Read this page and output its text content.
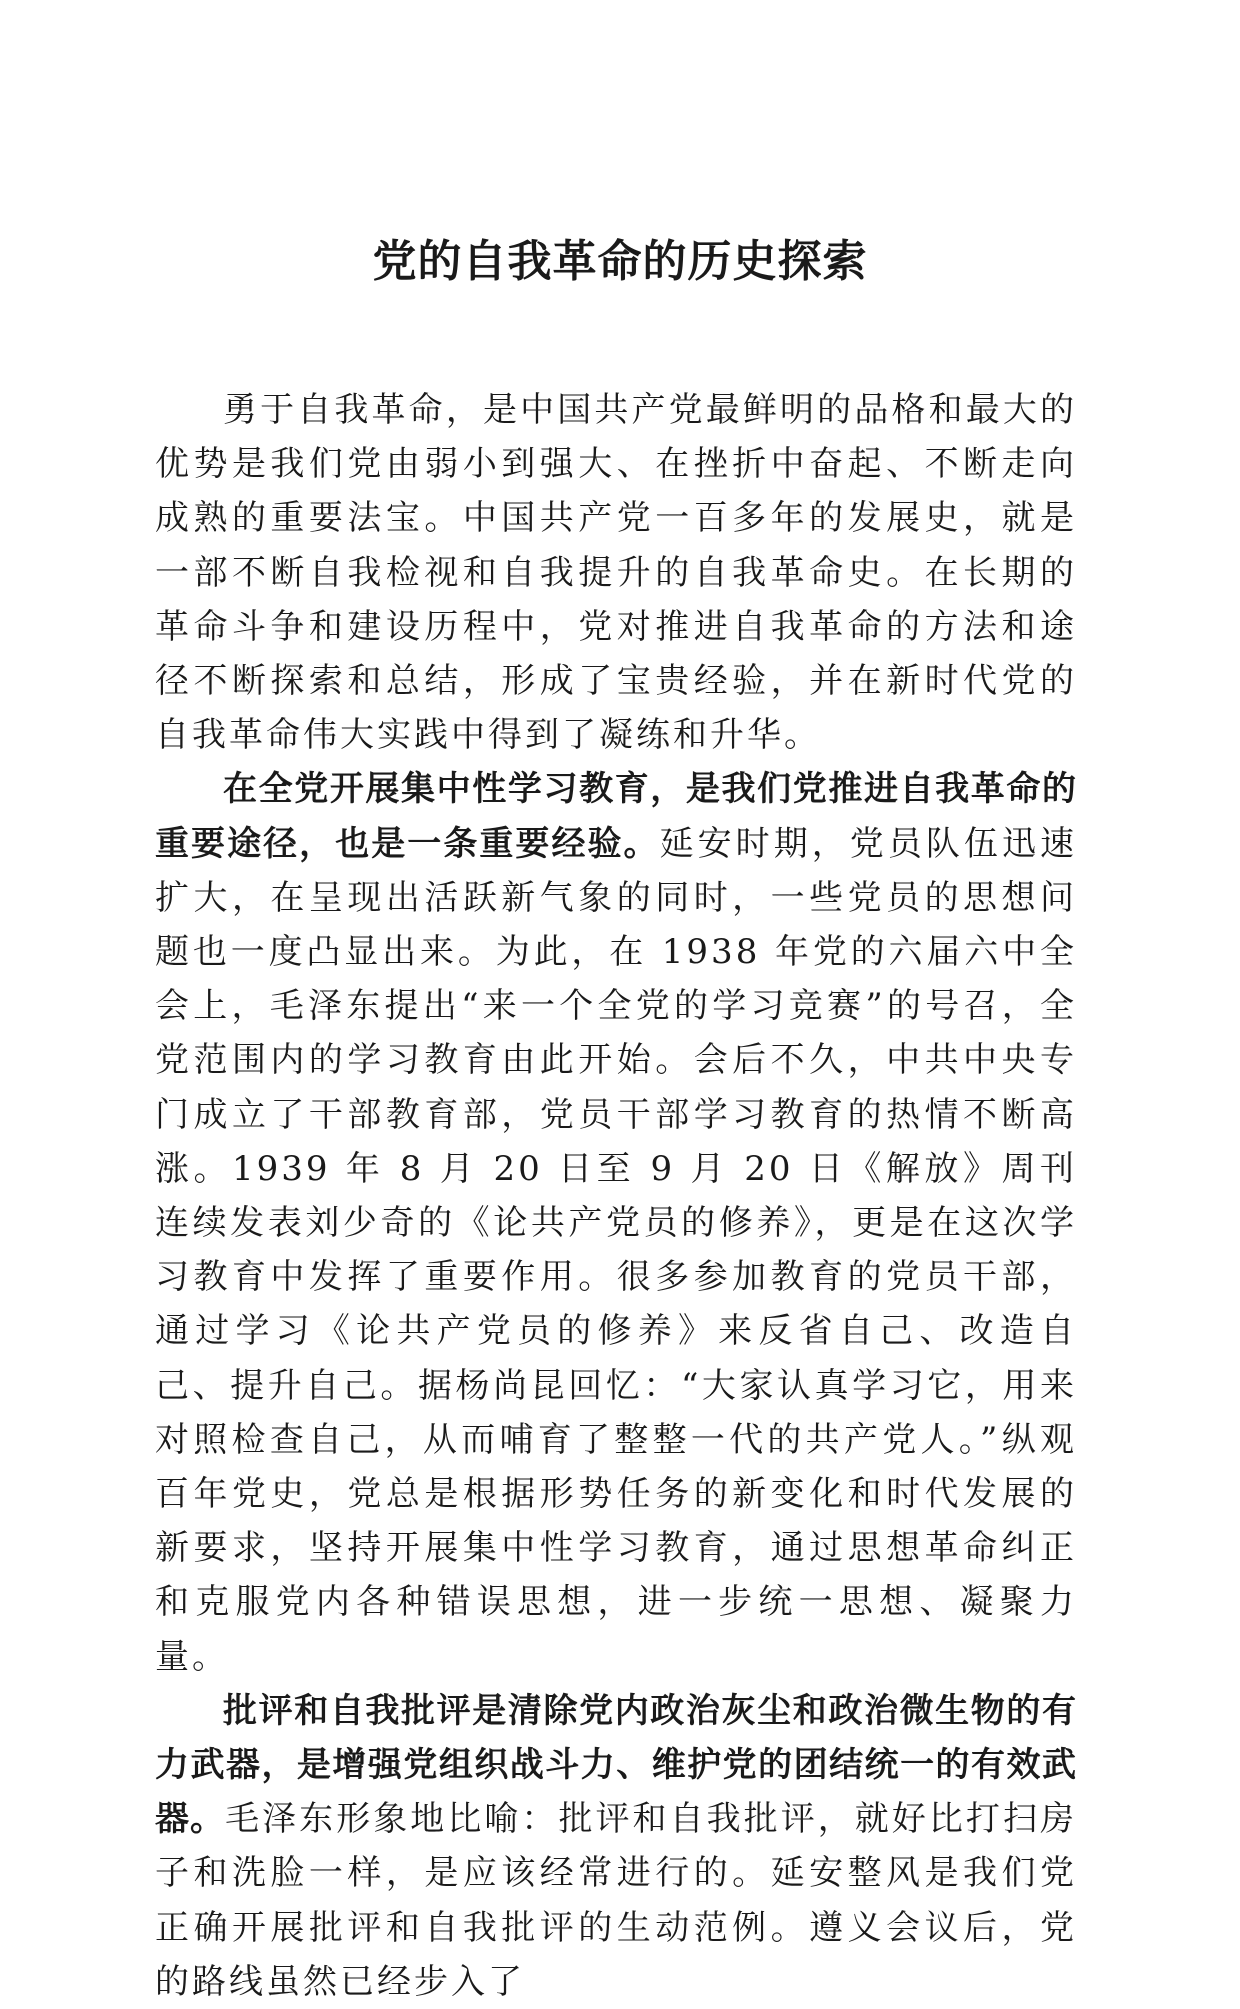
党的自我革命的历史探索

勇于自我革命，是中国共产党最鲜明的品格和最大的优势是我们党由弱小到强大、在挫折中奋起、不断走向成熟的重要法宝。中国共产党一百多年的发展史，就是一部不断自我检视和自我提升的自我革命史。在长期的革命斗争和建设历程中，党对推进自我革命的方法和途径不断探索和总结，形成了宝贵经验，并在新时代党的自我革命伟大实践中得到了凝练和升华。

在全党开展集中性学习教育，是我们党推进自我革命的重要途径，也是一条重要经验。延安时期，党员队伍迅速扩大，在呈现出活跃新气象的同时，一些党员的思想问题也一度凸显出来。为此，在 1938 年党的六届六中全会上，毛泽东提出“来一个全党的学习竞赛”的号召，全党范围内的学习教育由此开始。会后不久，中共中央专门成立了干部教育部，党员干部学习教育的热情不断高涨。1939 年 8 月 20 日至 9 月 20 日《解放》周刊连续发表刘少奇的《论共产党员的修养》，更是在这次学习教育中发挥了重要作用。很多参加教育的党员干部，通过学习《论共产党员的修养》来反省自己、改造自己、提升自己。据杨尚昆回忆：“大家认真学习它，用来对照检查自己，从而哺育了整整一代的共产党人。”纵观百年党史，党总是根据形势任务的新变化和时代发展的新要求，坚持开展集中性学习教育，通过思想革命纠正和克服党内各种错误思想，进一步统一思想、凝聚力量。

批评和自我批评是清除党内政治灰尘和政治微生物的有力武器，是增强党组织战斗力、维护党的团结统一的有效武器。毛泽东形象地比喻：批评和自我批评，就好比打扫房子和洗脸一样，是应该经常进行的。延安整风是我们党正确开展批评和自我批评的生动范例。遵义会议后，党的路线虽然已经步入了
